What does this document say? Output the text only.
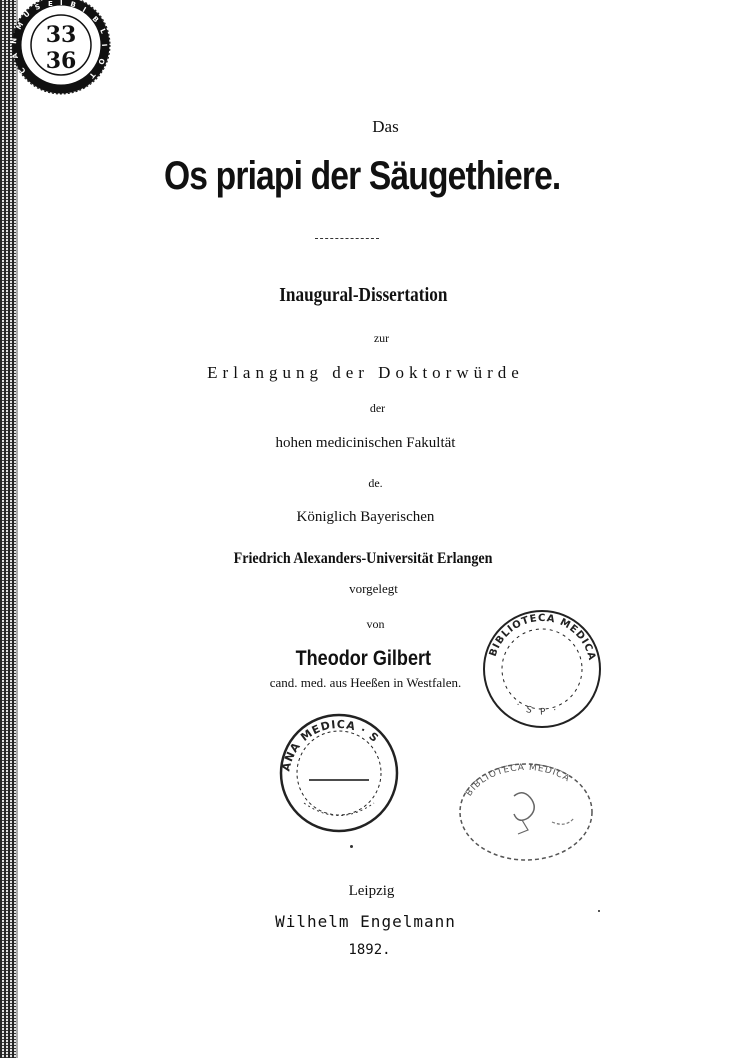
M
U
S E I B
I
B
L
I
O
T
N
A
C
33
36
Das
Os priapi der Säugethiere.
Inaugural-Dissertation
zur
Erlangung der Doktorwürde
der
hohen medicinischen Fakultät
de.
Königlich Bayerischen
Friedrich Alexanders-Universität Erlangen
vorgelegt
von
Theodor Gilbert
cand. med. aus Heeßen in Westfalen.
BIBLIOTECA MEDICA
· S P ·
ANA MEDICA · S
BIBLIOTECA MEDICA
Leipzig
Wilhelm Engelmann
1892.
